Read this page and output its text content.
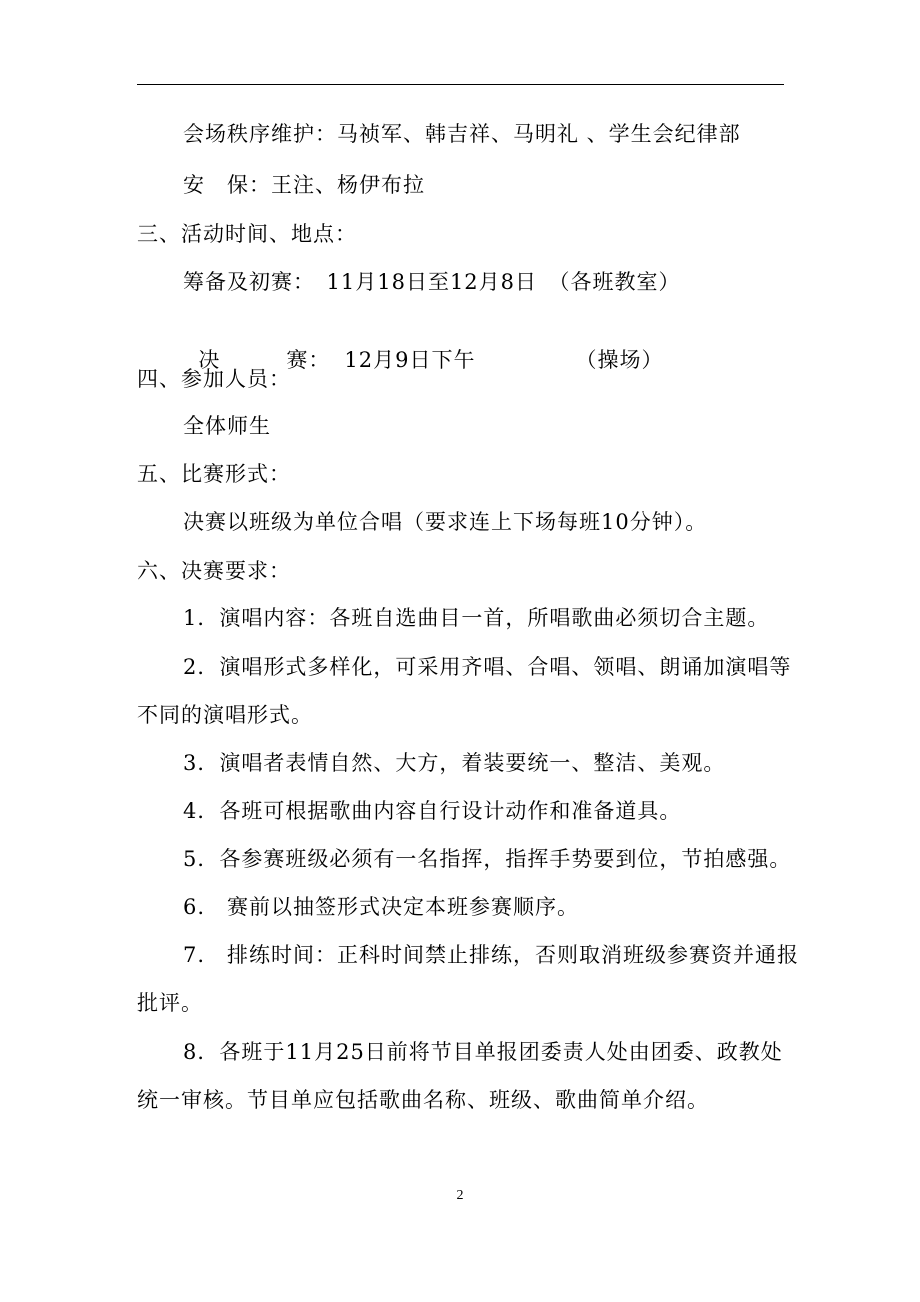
会场秩序维护：马祯军、韩吉祥、马明礼 、学生会纪律部
安　保：王注、杨伊布拉
三、活动时间、地点：
筹备及初赛：　11月18日至12月8日　（各班教室）

决　　　赛： 12月9日下午	（操场）

四、参加人员：
全体师生
五、比赛形式：
决赛以班级为单位合唱（要求连上下场每班10分钟）。
六、决赛要求：
1．演唱内容：各班自选曲目一首，所唱歌曲必须切合主题。
2．演唱形式多样化，可采用齐唱、合唱、领唱、朗诵加演唱等
不同的演唱形式。
3．演唱者表情自然、大方，着装要统一、整洁、美观。
4．各班可根据歌曲内容自行设计动作和准备道具。
5．各参赛班级必须有一名指挥，指挥手势要到位，节拍感强。
6.　赛前以抽签形式决定本班参赛顺序。
7.　排练时间：正科时间禁止排练，否则取消班级参赛资并通报
批评。
8．各班于11月25日前将节目单报团委责人处由团委、政教处
统一审核。节目单应包括歌曲名称、班级、歌曲简单介绍。
2
